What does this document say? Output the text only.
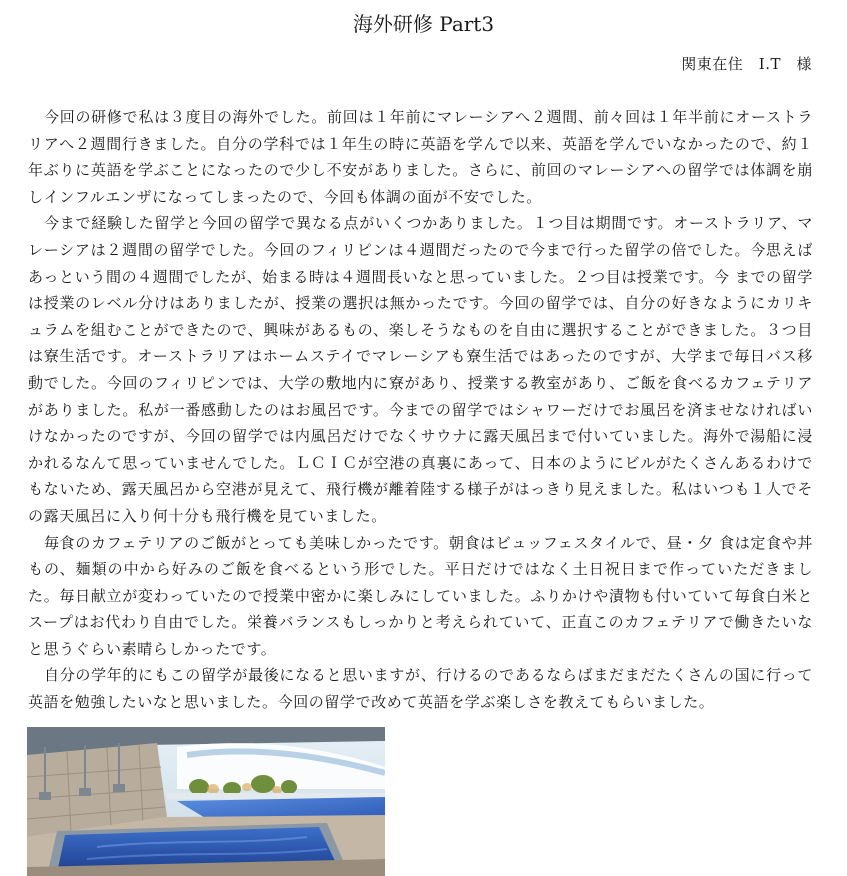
海外研修 Part3
関東在住　I.T　様

今回の研修で私は３度目の海外でした。前回は１年前にマレーシアへ２週間、前々回は１年半前にオーストラリアへ２週間行きました。自分の学科では１年生の時に英語を学んで以来、英語を学んでいなかったので、約１年ぶりに英語を学ぶことになったので少し不安がありました。さらに、前回のマレーシアへの留学では体調を崩しインフルエンザになってしまったので、今回も体調の面が不安でした。

今まで経験した留学と今回の留学で異なる点がいくつかありました。１つ目は期間です。オーストラリア、マレーシアは２週間の留学でした。今回のフィリピンは４週間だったので今まで行った留学の倍でした。今思えばあっという間の４週間でしたが、始まる時は４週間長いなと思っていました。２つ目は授業です。今 までの留学は授業のレベル分けはありましたが、授業の選択は無かったです。今回の留学では、自分の好きなようにカリキュラムを組むことができたので、興味があるもの、楽しそうなものを自由に選択することができました。３つ目は寮生活です。オーストラリアはホームステイでマレーシアも寮生活ではあったのですが、大学まで毎日バス移動でした。今回のフィリピンでは、大学の敷地内に寮があり、授業する教室があり、ご飯を食べるカフェテリアがありました。私が一番感動したのはお風呂です。今までの留学ではシャワーだけでお風呂を済ませなければいけなかったのですが、今回の留学では内風呂だけでなくサウナに露天風呂まで付いていました。海外で湯船に浸かれるなんて思っていませんでした。ＬＣＩＣが空港の真裏にあって、日本のようにビルがたくさんあるわけでもないため、露天風呂から空港が見えて、飛行機が離着陸する様子がはっきり見えました。私はいつも１人でその露天風呂に入り何十分も飛行機を見ていました。

毎食のカフェテリアのご飯がとっても美味しかったです。朝食はビュッフェスタイルで、昼・夕 食は定食や丼もの、麺類の中から好みのご飯を食べるという形でした。平日だけではなく土日祝日まで作っていただきました。毎日献立が変わっていたので授業中密かに楽しみにしていました。ふりかけや漬物も付いていて毎食白米とスープはお代わり自由でした。栄養バランスもしっかりと考えられていて、正直このカフェテリアで働きたいなと思うぐらい素晴らしかったです。

自分の学年的にもこの留学が最後になると思いますが、行けるのであるならばまだまだたくさんの国に行って英語を勉強したいなと思いました。今回の留学で改めて英語を学ぶ楽しさを教えてもらいました。
